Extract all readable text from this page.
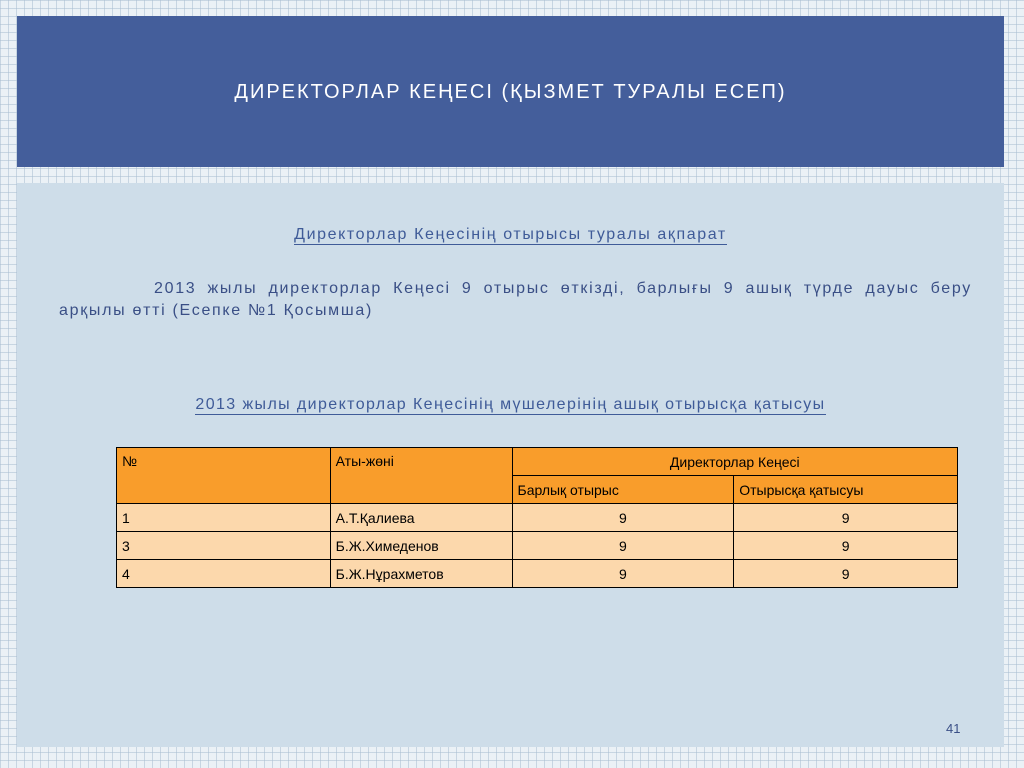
ДИРЕКТОРЛАР КЕҢЕСІ (ҚЫЗМЕТ ТУРАЛЫ ЕСЕП)
Директорлар Кеңесінің отырысы туралы ақпарат
2013 жылы директорлар Кеңесі 9 отырыс өткізді, барлығы 9 ашық түрде дауыс беру арқылы өтті (Есепке №1 Қосымша)
2013 жылы директорлар Кеңесінің мүшелерінің ашық отырысқа қатысуы
№	Аты-жөні	Директорлар Кеңесі	
		Барлық отырыс	Отырысқа қатысуы
1	А.Т.Қалиева	9	9
3	Б.Ж.Химеденов	9	9
4	Б.Ж.Нұрахметов	9	9
41
